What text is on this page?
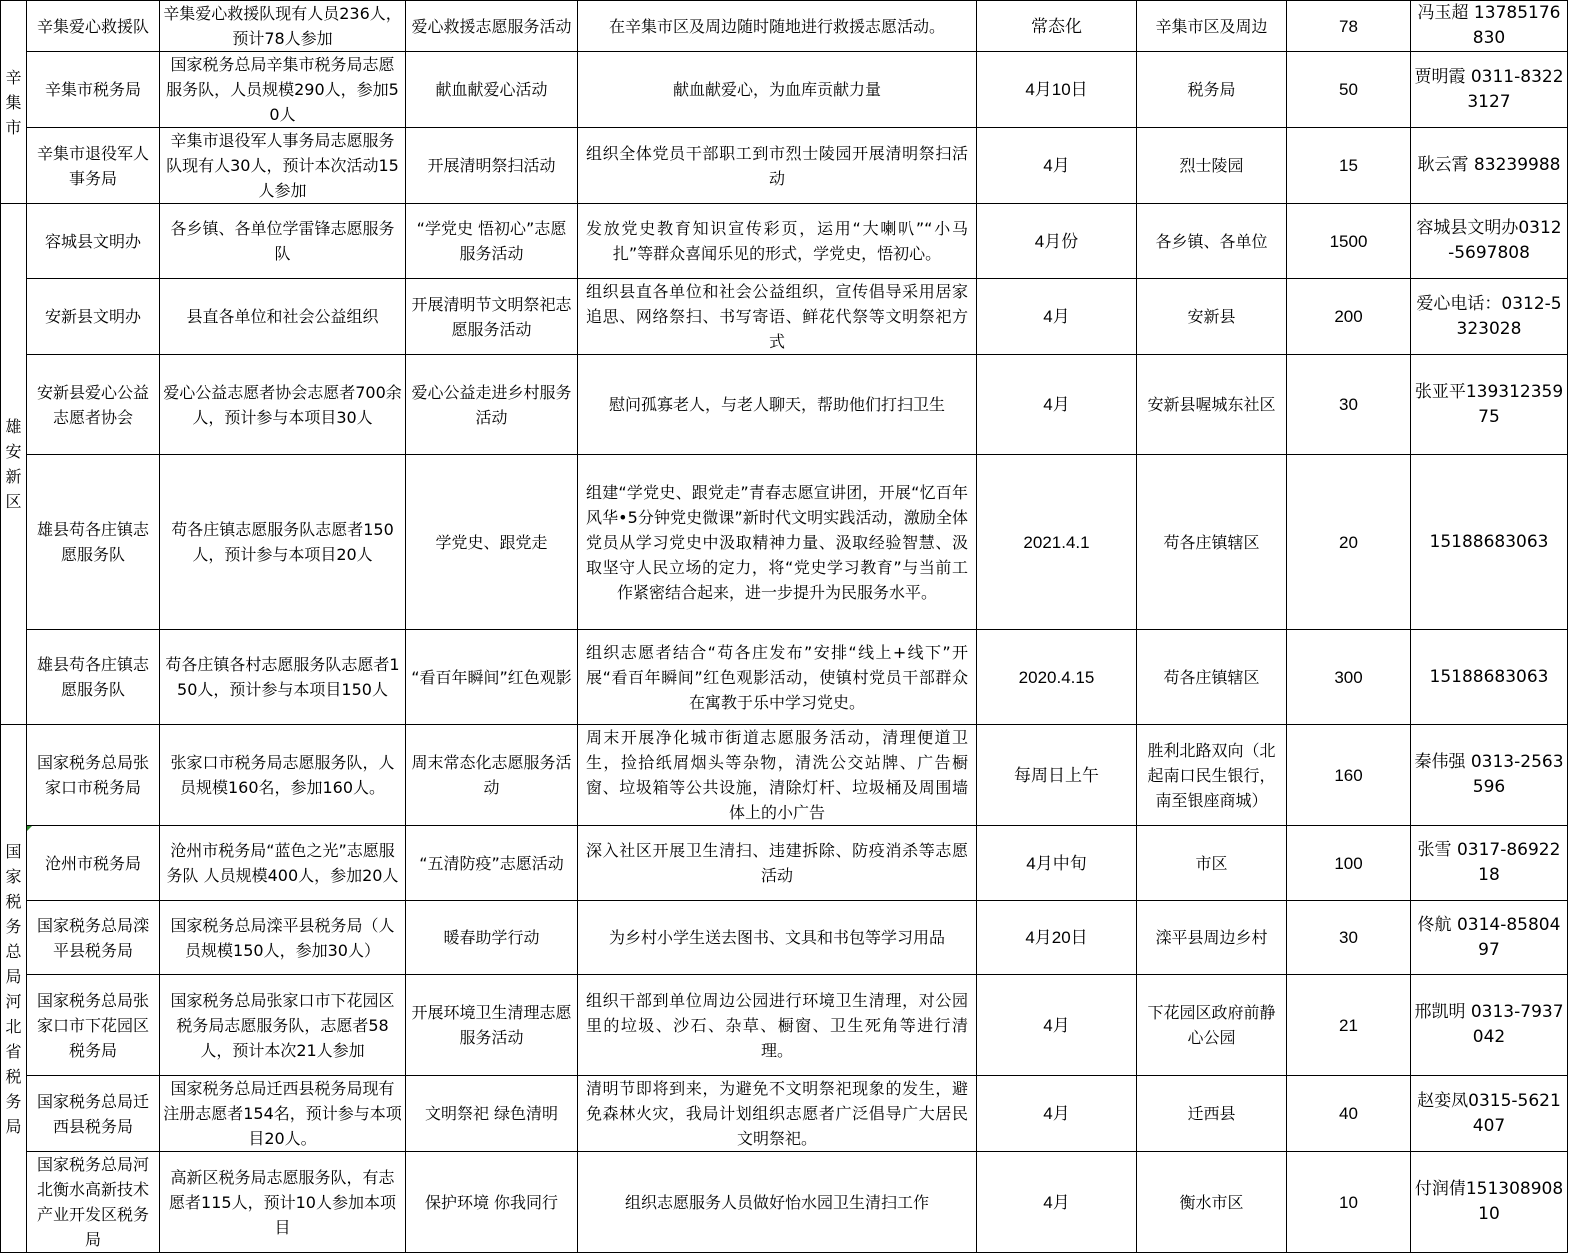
辛集市	辛集爱心救援队	辛集爱心救援队现有人员236人，预计78人参加	爱心救援志愿服务活动	在辛集市区及周边随时随地进行救援志愿活动。	常态化	辛集市区及周边	78	冯玉超 13785176830
	辛集市税务局	国家税务总局辛集市税务局志愿服务队，人员规模290人，参加50人	献血献爱心活动	献血献爱心，为血库贡献力量	4月10日	税务局	50	贾明霞 0311-83223127
	辛集市退役军人事务局	辛集市退役军人事务局志愿服务队现有人30人，预计本次活动15人参加	开展清明祭扫活动	组织全体党员干部职工到市烈士陵园开展清明祭扫活动	4月	烈士陵园	15	耿云霄 83239988

雄安新区	容城县文明办	各乡镇、各单位学雷锋志愿服务队	“学党史 悟初心”志愿服务活动	发放党史教育知识宣传彩页，运用“大喇叭”“小马扎”等群众喜闻乐见的形式，学党史，悟初心。	4月份	各乡镇、各单位	1500	容城县文明办0312-5697808
	安新县文明办	县直各单位和社会公益组织	开展清明节文明祭祀志愿服务活动	组织县直各单位和社会公益组织，宣传倡导采用居家追思、网络祭扫、书写寄语、鲜花代祭等文明祭祀方式	4月	安新县	200	爱心电话：0312-5323028
	安新县爱心公益志愿者协会	爱心公益志愿者协会志愿者700余人，预计参与本项目30人	爱心公益走进乡村服务活动	慰问孤寡老人，与老人聊天，帮助他们打扫卫生	4月	安新县喔城东社区	30	张亚平13931235975
	雄县苟各庄镇志愿服务队	苟各庄镇志愿服务队志愿者150人，预计参与本项目20人	学党史、跟党走	组建“学党史、跟党走”青春志愿宣讲团，开展“忆百年风华•5分钟党史微课”新时代文明实践活动，激励全体党员从学习党史中汲取精神力量、汲取经验智慧、汲取坚守人民立场的定力，将“党史学习教育”与当前工作紧密结合起来，进一步提升为民服务水平。	2021.4.1	苟各庄镇辖区	20	15188683063
	雄县苟各庄镇志愿服务队	苟各庄镇各村志愿服务队志愿者150人，预计参与本项目150人	“看百年瞬间”红色观影	组织志愿者结合“苟各庄发布”安排“线上+线下”开展“看百年瞬间”红色观影活动，使镇村党员干部群众在寓教于乐中学习党史。	2020.4.15	苟各庄镇辖区	300	15188683063

国家税务总局河北省税务局	国家税务总局张家口市税务局	张家口市税务局志愿服务队，人员规模160名，参加160人。	周末常态化志愿服务活动	周末开展净化城市街道志愿服务活动，清理便道卫生，捡拾纸屑烟头等杂物，清洗公交站牌、广告橱窗、垃圾箱等公共设施，清除灯杆、垃圾桶及周围墙体上的小广告	每周日上午	胜利北路双向（北起南口民生银行，南至银座商城）	160	秦伟强 0313-2563596
	沧州市税务局	沧州市税务局“蓝色之光”志愿服务队 人员规模400人，参加20人	“五清防疫”志愿活动	深入社区开展卫生清扫、违建拆除、防疫消杀等志愿活动	4月中旬	市区	100	张雪 0317-8692218
	国家税务总局滦平县税务局	国家税务总局滦平县税务局（人员规模150人，参加30人）	暖春助学行动	为乡村小学生送去图书、文具和书包等学习用品	4月20日	滦平县周边乡村	30	佟航 0314-8580497
	国家税务总局张家口市下花园区税务局	国家税务总局张家口市下花园区税务局志愿服务队，志愿者58人，预计本次21人参加	开展环境卫生清理志愿服务活动	组织干部到单位周边公园进行环境卫生清理，对公园里的垃圾、沙石、杂草、橱窗、卫生死角等进行清理。	4月	下花园区政府前静心公园	21	邢凯明 0313-7937042
	国家税务总局迁西县税务局	国家税务总局迁西县税务局现有注册志愿者154名，预计参与本项目20人。	文明祭祀 绿色清明	清明节即将到来，为避免不文明祭祀现象的发生，避免森林火灾，我局计划组织志愿者广泛倡导广大居民文明祭祀。	4月	迁西县	40	赵娈凤0315-5621407
	国家税务总局河北衡水高新技术产业开发区税务局	高新区税务局志愿服务队，有志愿者115人，预计10人参加本项目	保护环境 你我同行	组织志愿服务人员做好怡水园卫生清扫工作	4月	衡水市区	10	付润倩15130890810
